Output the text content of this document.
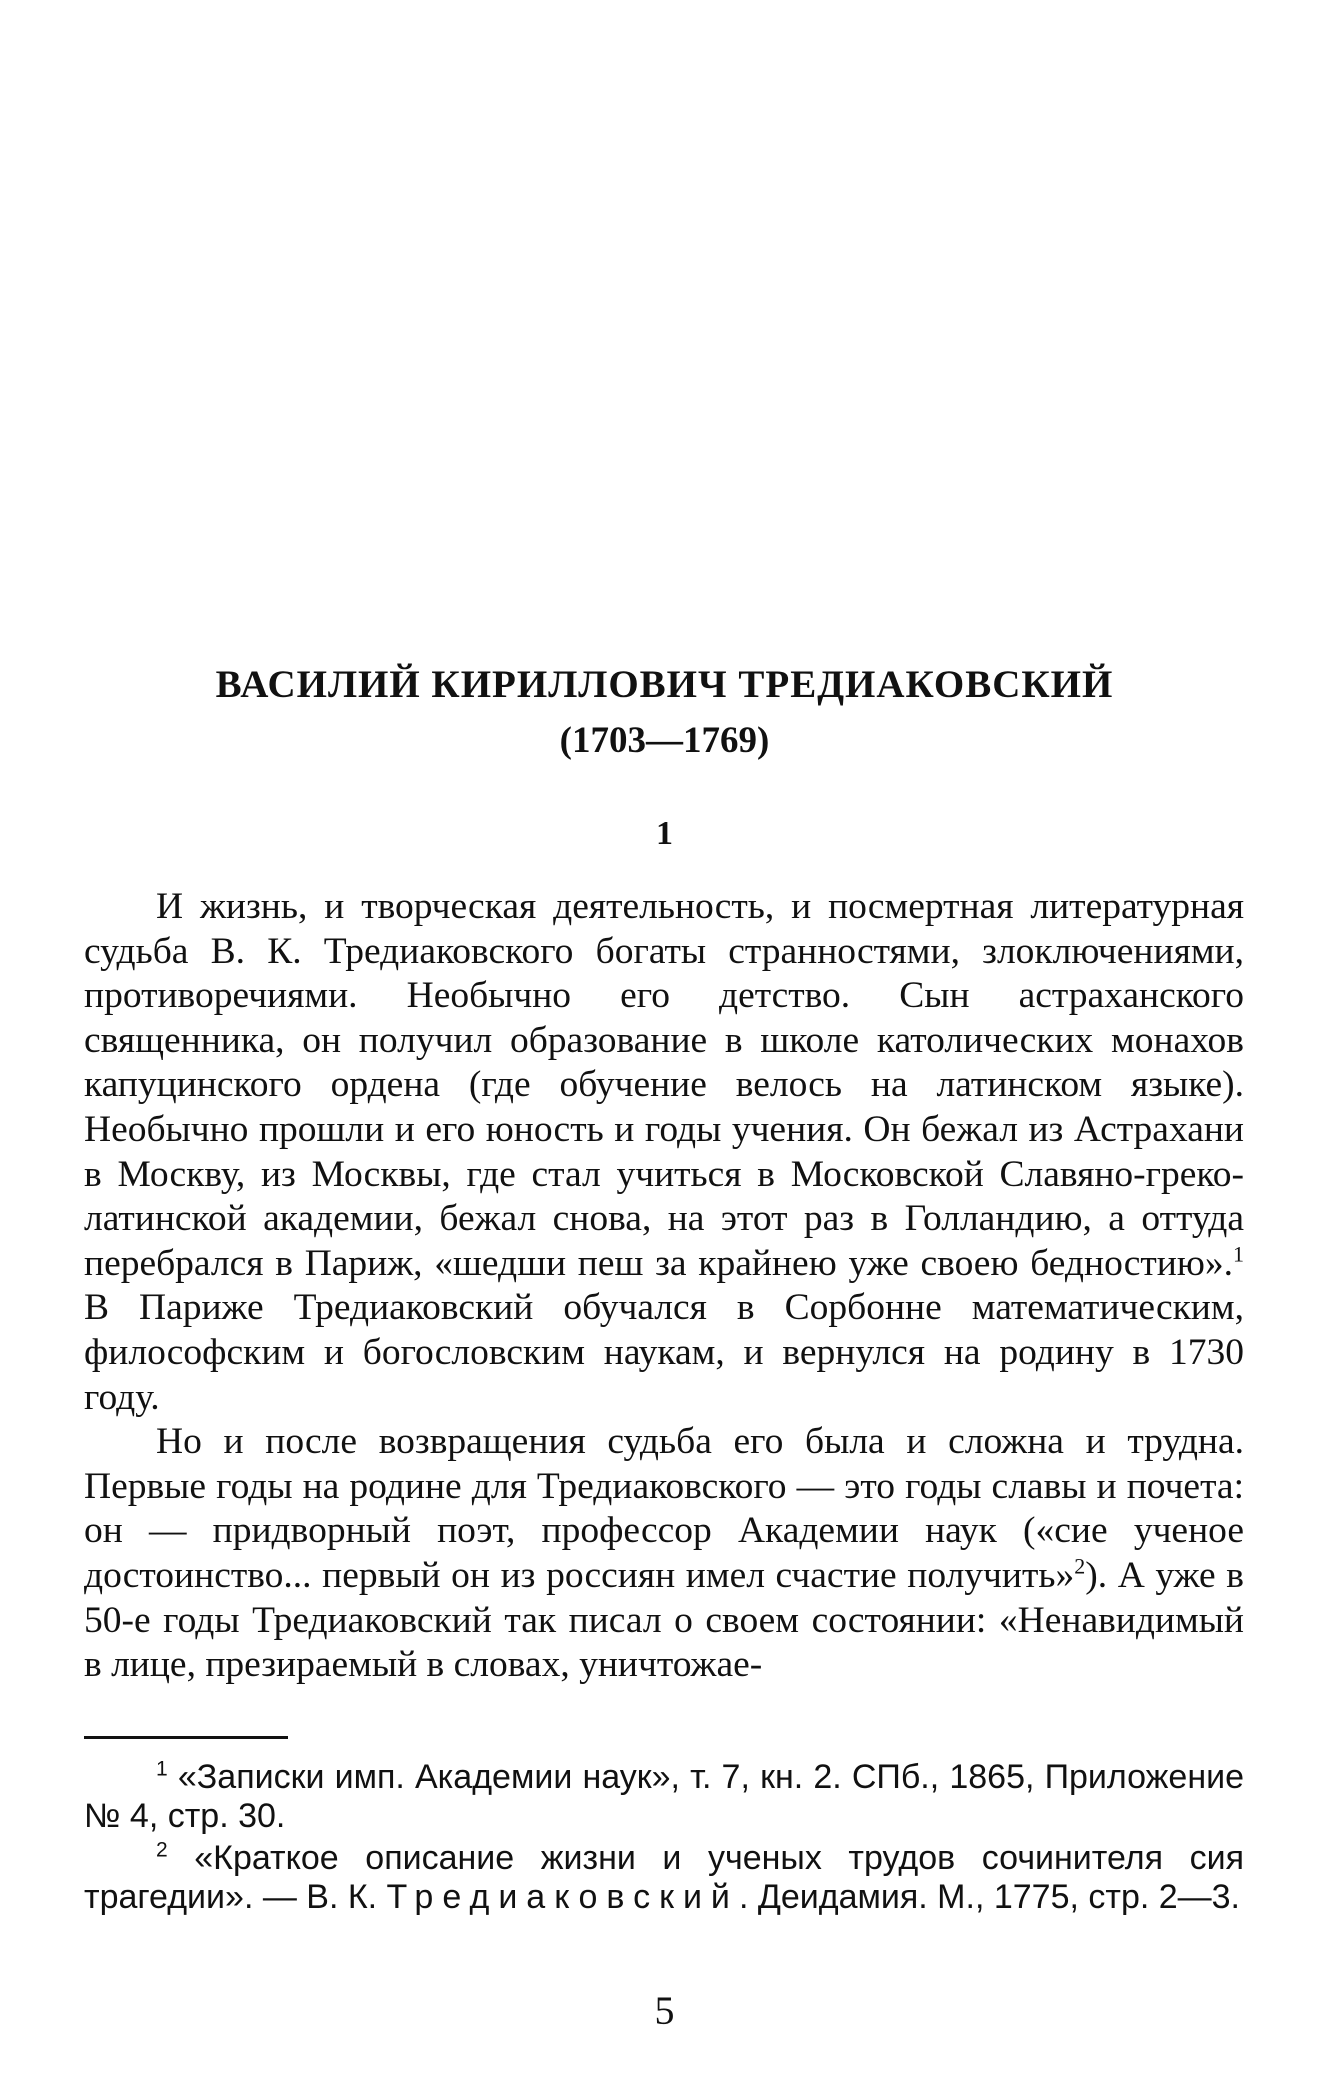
ВАСИЛИЙ КИРИЛЛОВИЧ ТРЕДИАКОВСКИЙ
(1703—1769)
1

И жизнь, и творческая деятельность, и посмертная литературная судьба В. К. Тредиаковского богаты странностями, злоключениями, противоречиями. Необычно его детство. Сын астраханского священника, он получил образование в школе католических монахов капуцинского ордена (где обучение велось на латинском языке). Необычно прошли и его юность и годы учения. Он бежал из Астрахани в Москву, из Москвы, где стал учиться в Московской Славяно-греко-латинской академии, бежал снова, на этот раз в Голландию, а оттуда перебрался в Париж, «шедши пеш за крайнею уже своею бедностию».$^1$ В Париже Тредиаковский обучался в Сорбонне математическим, философским и богословским наукам, и вернулся на родину в 1730 году.

Но и после возвращения судьба его была и сложна и трудна. Первые годы на родине для Тредиаковского — это годы славы и почета: он — придворный поэт, профессор Академии наук («сие ученое достоинство... первый он из россиян имел счастие получить»$^2$). А уже в 50-е годы Тредиаковский так писал о своем состоянии: «Ненавидимый в лице, презираемый в словах, уничтожае-

$^1$ «Записки имп. Академии наук», т. 7, кн. 2. СПб., 1865, Приложение № 4, стр. 30.

$^2$ «Краткое описание жизни и ученых трудов сочинителя сия трагедии». — В. К. Тредиаковский. Деидамия. М., 1775, стр. 2—3.

5
